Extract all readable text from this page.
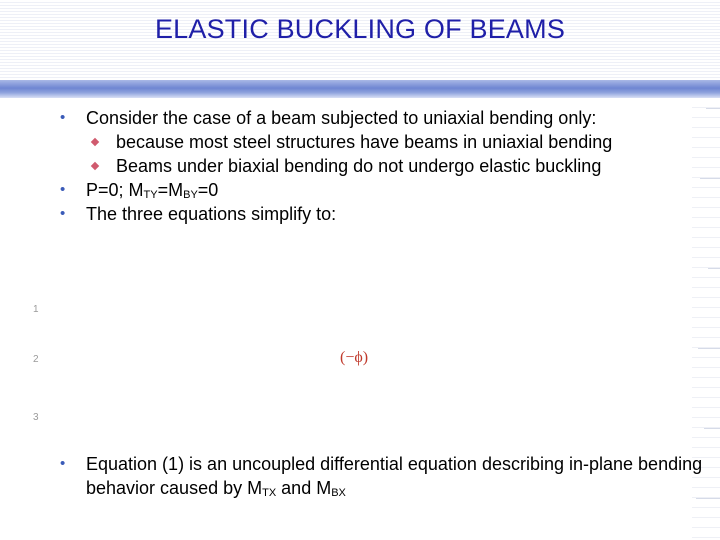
ELASTIC BUCKLING OF BEAMS
• Consider the case of a beam subjected to uniaxial bending only:
because most steel structures have beams in uniaxial bending
Beams under biaxial bending do not undergo elastic buckling
• P=0; $M_{TY}=M_{BY}=0$
• The three equations simplify to:
1
2
3
(−ϕ)
•	Equation (1) is an uncoupled differential equation describing in-plane bending behavior caused by $M_{TX}$ and $M_{BX}$
